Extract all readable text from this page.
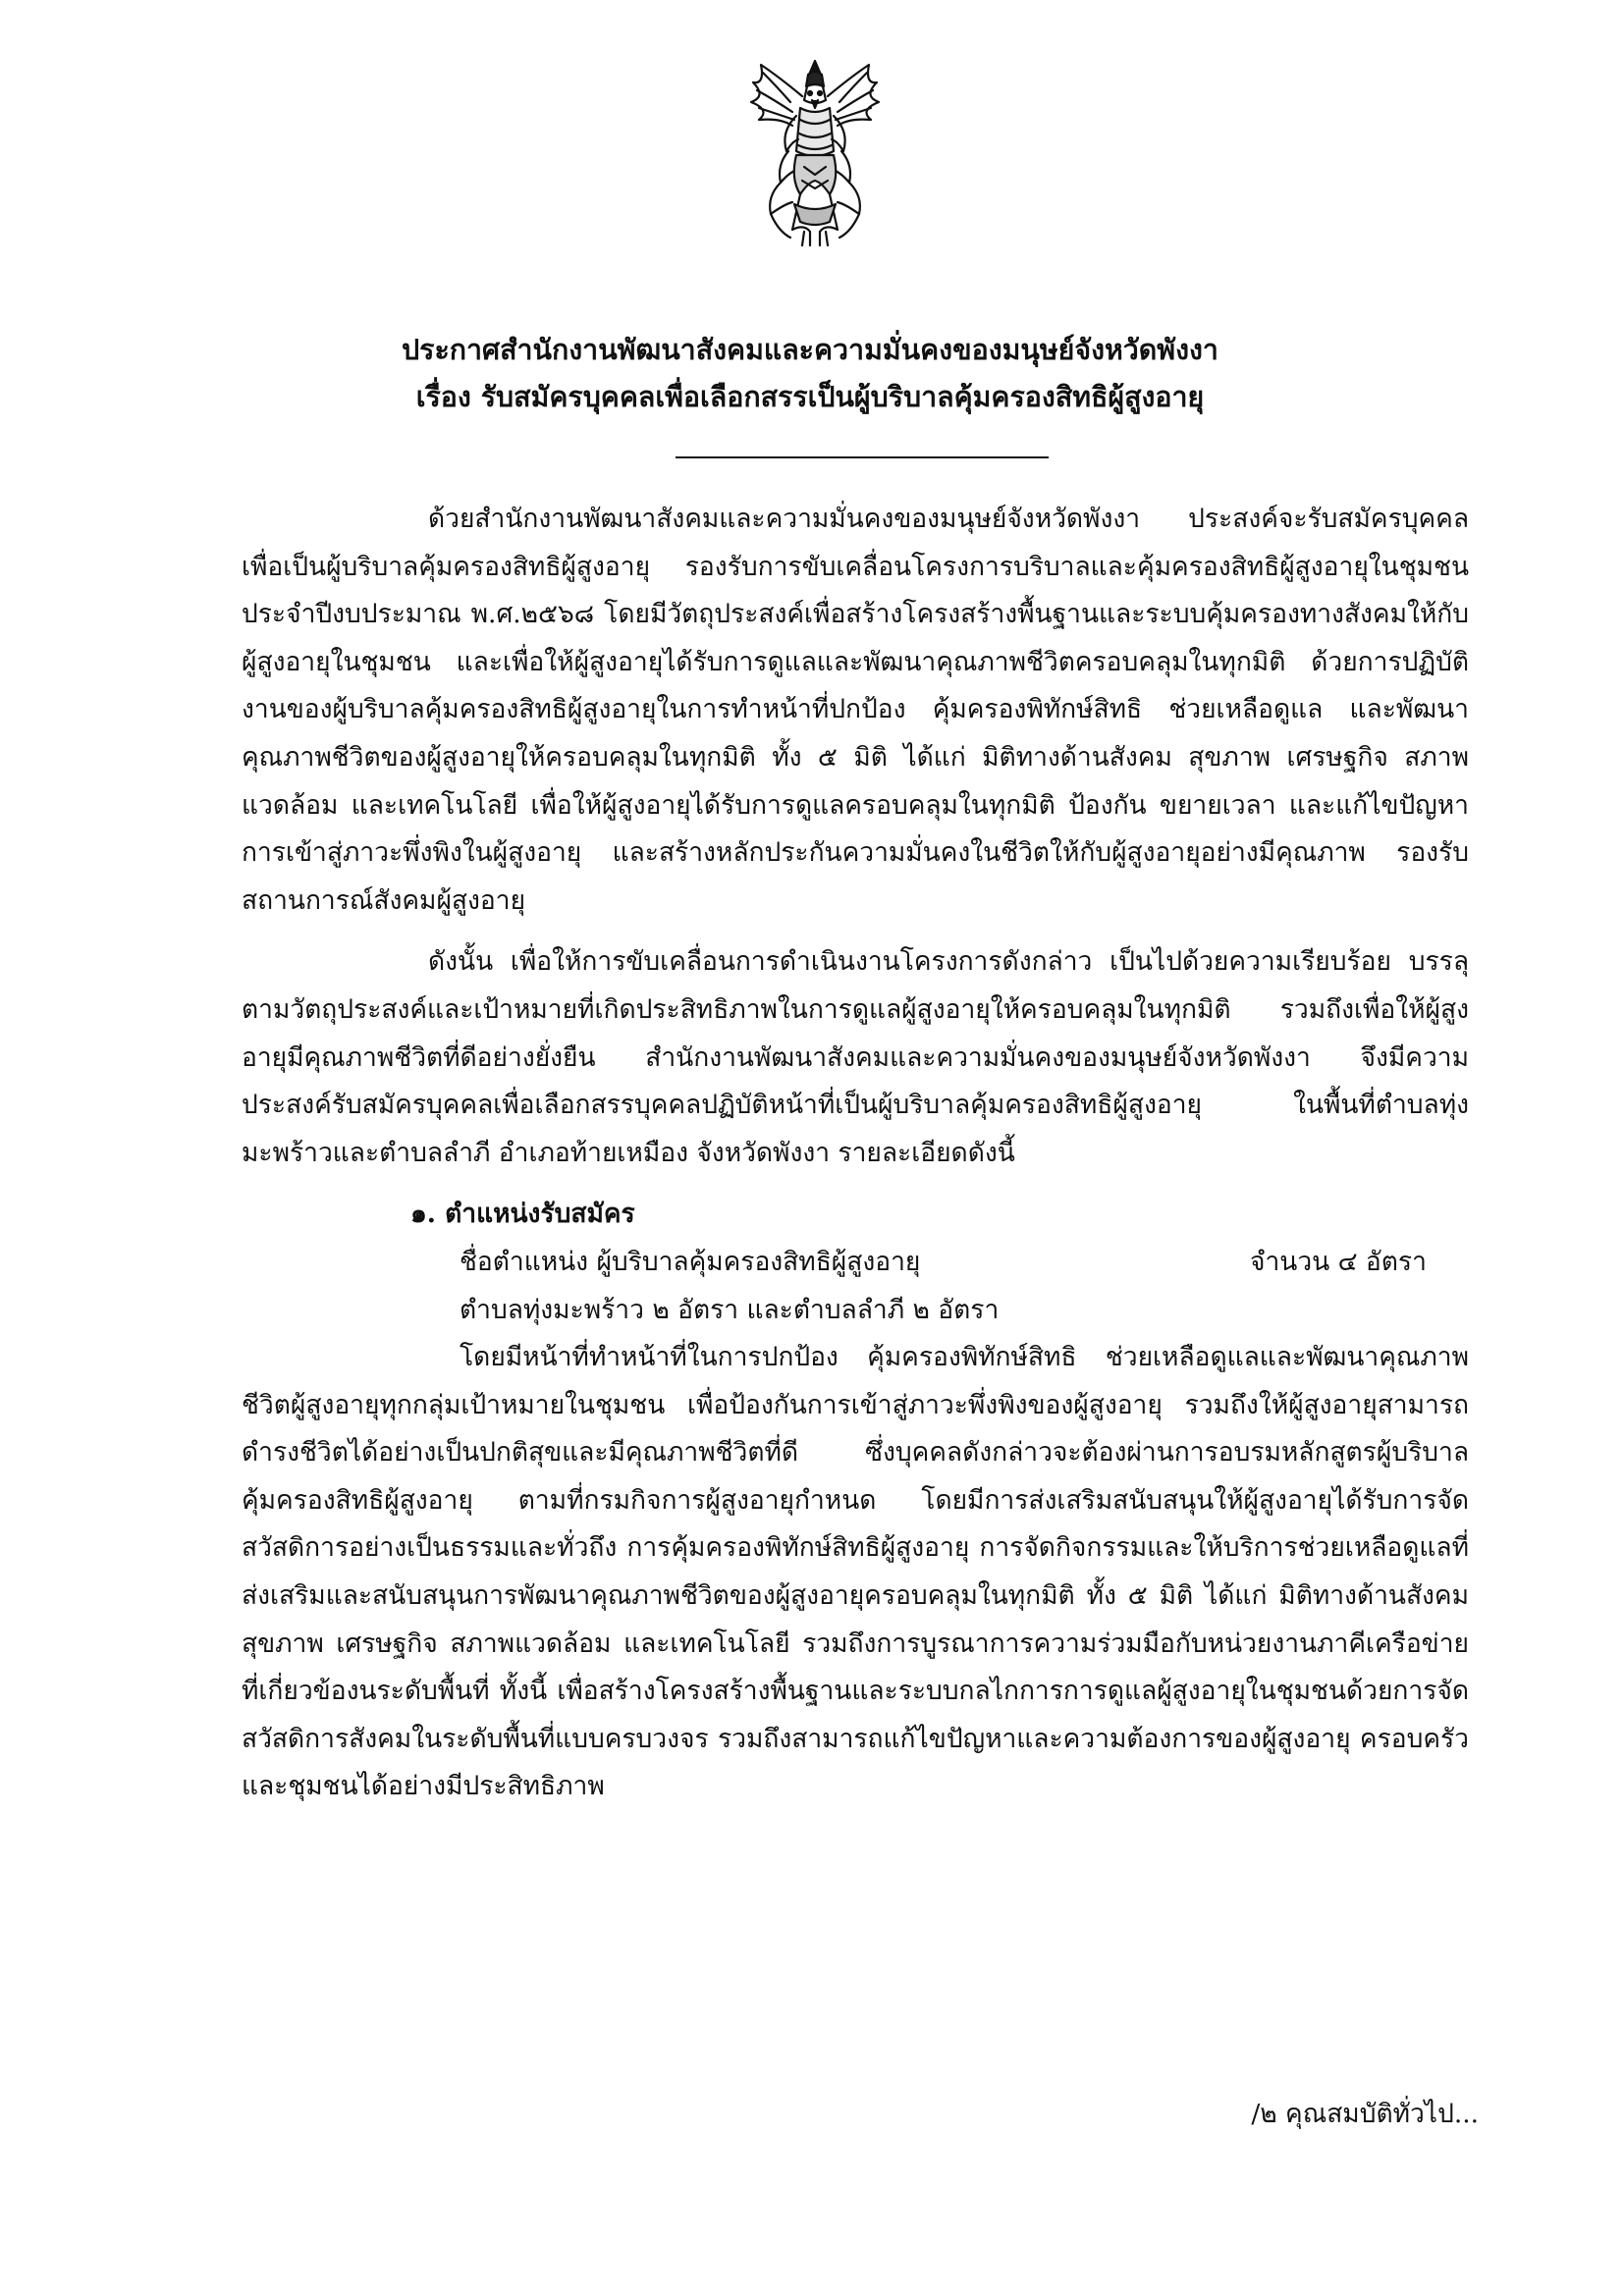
ประกาศสำนักงานพัฒนาสังคมและความมั่นคงของมนุษย์จังหวัดพังงา
เรื่อง รับสมัครบุคคลเพื่อเลือกสรรเป็นผู้บริบาลคุ้มครองสิทธิผู้สูงอายุ

ด้วยสำนักงานพัฒนาสังคมและความมั่นคงของมนุษย์จังหวัดพังงา ประสงค์จะรับสมัครบุคคลเพื่อเป็นผู้บริบาลคุ้มครองสิทธิผู้สูงอายุ รองรับการขับเคลื่อนโครงการบริบาลและคุ้มครองสิทธิผู้สูงอายุในชุมชน ประจำปีงบประมาณ พ.ศ.๒๕๖๘ โดยมีวัตถุประสงค์เพื่อสร้างโครงสร้างพื้นฐานและระบบคุ้มครองทางสังคมให้กับผู้สูงอายุในชุมชน และเพื่อให้ผู้สูงอายุได้รับการดูแลและพัฒนาคุณภาพชีวิตครอบคลุมในทุกมิติ ด้วยการปฏิบัติงานของผู้บริบาลคุ้มครองสิทธิผู้สูงอายุในการทำหน้าที่ปกป้อง คุ้มครองพิทักษ์สิทธิ ช่วยเหลือดูแล และพัฒนาคุณภาพชีวิตของผู้สูงอายุให้ครอบคลุมในทุกมิติ ทั้ง ๕ มิติ ได้แก่ มิติทางด้านสังคม สุขภาพ เศรษฐกิจ สภาพแวดล้อม และเทคโนโลยี เพื่อให้ผู้สูงอายุได้รับการดูแลครอบคลุมในทุกมิติ ป้องกัน ขยายเวลา และแก้ไขปัญหาการเข้าสู่ภาวะพึ่งพิงในผู้สูงอายุ และสร้างหลักประกันความมั่นคงในชีวิตให้กับผู้สูงอายุอย่างมีคุณภาพ รองรับสถานการณ์สังคมผู้สูงอายุ

ดังนั้น เพื่อให้การขับเคลื่อนการดำเนินงานโครงการดังกล่าว เป็นไปด้วยความเรียบร้อย บรรลุตามวัตถุประสงค์และเป้าหมายที่เกิดประสิทธิภาพในการดูแลผู้สูงอายุให้ครอบคลุมในทุกมิติ รวมถึงเพื่อให้ผู้สูงอายุมีคุณภาพชีวิตที่ดีอย่างยั่งยืน สำนักงานพัฒนาสังคมและความมั่นคงของมนุษย์จังหวัดพังงา จึงมีความประสงค์รับสมัครบุคคลเพื่อเลือกสรรบุคคลปฏิบัติหน้าที่เป็นผู้บริบาลคุ้มครองสิทธิผู้สูงอายุ ในพื้นที่ตำบลทุ่งมะพร้าวและตำบลลำภี อำเภอท้ายเหมือง จังหวัดพังงา รายละเอียดดังนี้

๑. ตำแหน่งรับสมัคร
ชื่อตำแหน่ง ผู้บริบาลคุ้มครองสิทธิผู้สูงอายุ	จำนวน ๔ อัตรา
ตำบลทุ่งมะพร้าว ๒ อัตรา และตำบลลำภี ๒ อัตรา

โดยมีหน้าที่ทำหน้าที่ในการปกป้อง คุ้มครองพิทักษ์สิทธิ ช่วยเหลือดูแลและพัฒนาคุณภาพชีวิตผู้สูงอายุทุกกลุ่มเป้าหมายในชุมชน เพื่อป้องกันการเข้าสู่ภาวะพึ่งพิงของผู้สูงอายุ รวมถึงให้ผู้สูงอายุสามารถดำรงชีวิตได้อย่างเป็นปกติสุขและมีคุณภาพชีวิตที่ดี ซึ่งบุคคลดังกล่าวจะต้องผ่านการอบรมหลักสูตรผู้บริบาลคุ้มครองสิทธิผู้สูงอายุ ตามที่กรมกิจการผู้สูงอายุกำหนด โดยมีการส่งเสริมสนับสนุนให้ผู้สูงอายุได้รับการจัดสวัสดิการอย่างเป็นธรรมและทั่วถึง การคุ้มครองพิทักษ์สิทธิผู้สูงอายุ การจัดกิจกรรมและให้บริการช่วยเหลือดูแลที่ส่งเสริมและสนับสนุนการพัฒนาคุณภาพชีวิตของผู้สูงอายุครอบคลุมในทุกมิติ ทั้ง ๕ มิติ ได้แก่ มิติทางด้านสังคม สุขภาพ เศรษฐกิจ สภาพแวดล้อม และเทคโนโลยี รวมถึงการบูรณาการความร่วมมือกับหน่วยงานภาคีเครือข่ายที่เกี่ยวข้องนระดับพื้นที่ ทั้งนี้ เพื่อสร้างโครงสร้างพื้นฐานและระบบกลไกการการดูแลผู้สูงอายุในชุมชนด้วยการจัดสวัสดิการสังคมในระดับพื้นที่แบบครบวงจร รวมถึงสามารถแก้ไขปัญหาและความต้องการของผู้สูงอายุ ครอบครัว และชุมชนได้อย่างมีประสิทธิภาพ

/๒ คุณสมบัติทั่วไป...
